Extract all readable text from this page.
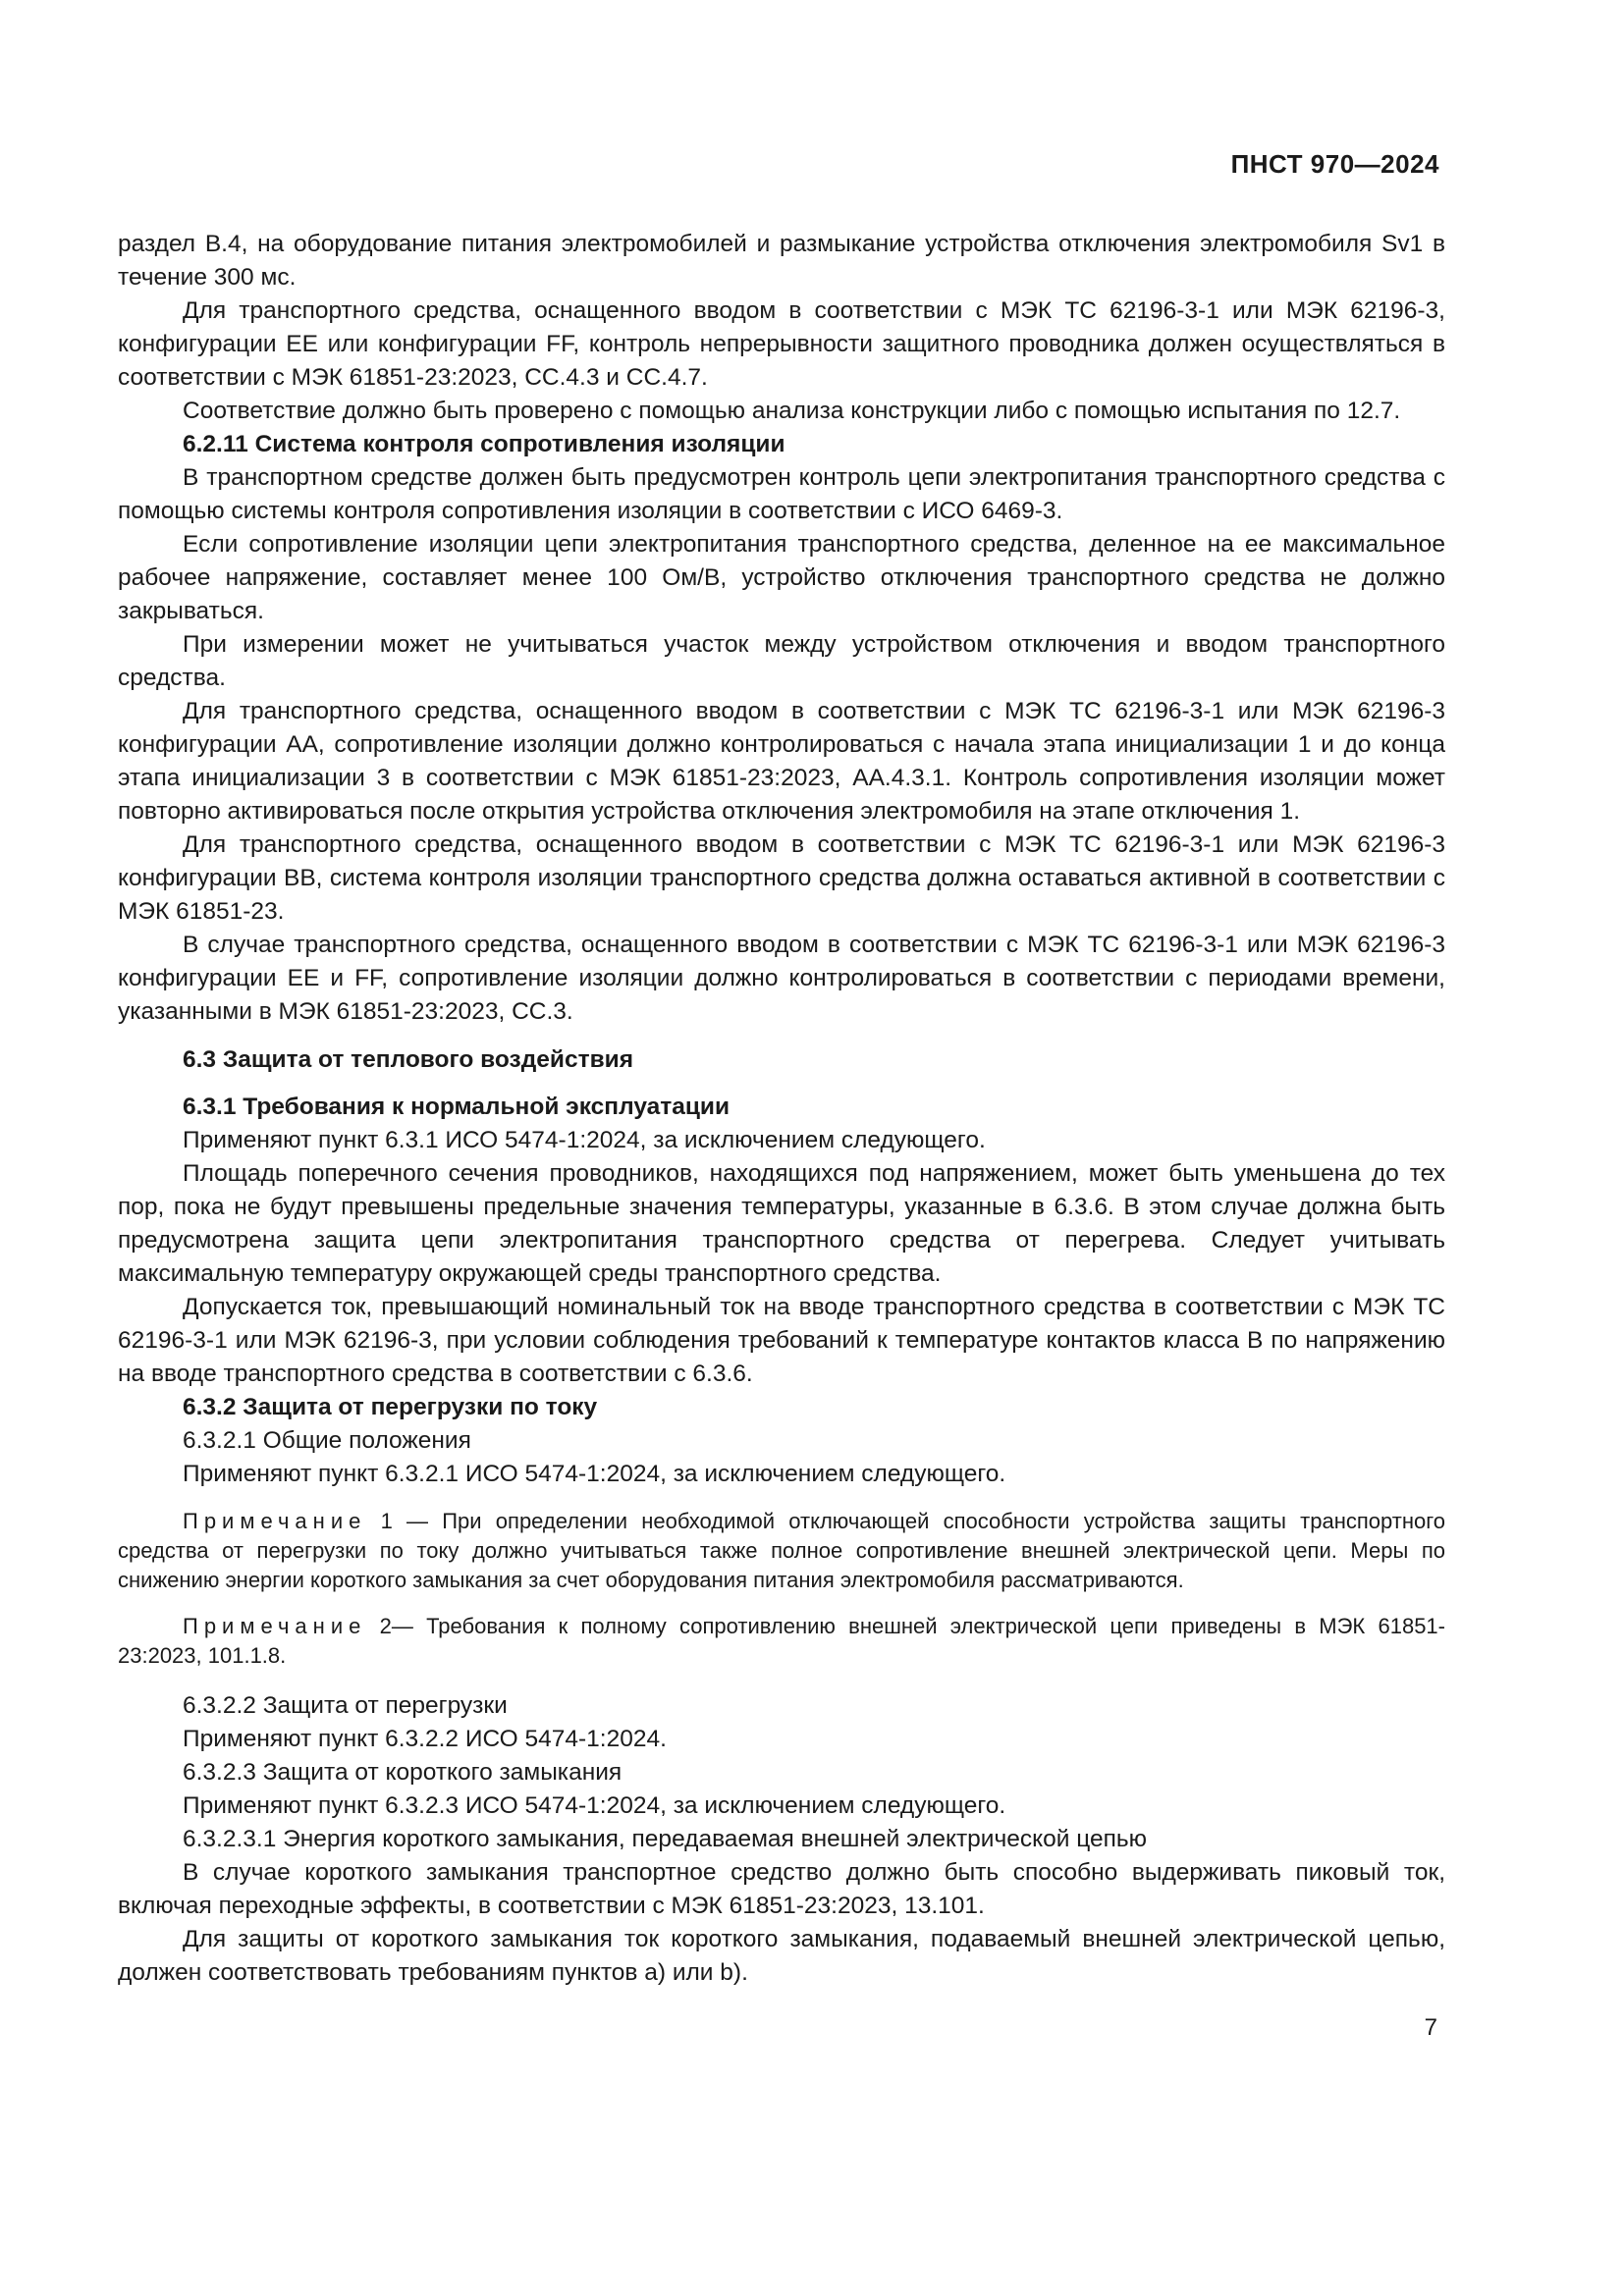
ПНСТ 970—2024

раздел B.4, на оборудование питания электромобилей и размыкание устройства отключения электромобиля Sv1 в течение 300 мс.

Для транспортного средства, оснащенного вводом в соответствии с МЭК ТС 62196-3-1 или МЭК 62196-3, конфигурации ЕЕ или конфигурации FF, контроль непрерывности защитного проводника должен осуществляться в соответствии с МЭК 61851-23:2023, СС.4.3 и СС.4.7.

Соответствие должно быть проверено с помощью анализа конструкции либо с помощью испытания по 12.7.

6.2.11 Система контроля сопротивления изоляции

В транспортном средстве должен быть предусмотрен контроль цепи электропитания транспортного средства с помощью системы контроля сопротивления изоляции в соответствии с ИСО 6469-3.

Если сопротивление изоляции цепи электропитания транспортного средства, деленное на ее максимальное рабочее напряжение, составляет менее 100 Ом/В, устройство отключения транспортного средства не должно закрываться.

При измерении может не учитываться участок между устройством отключения и вводом транспортного средства.

Для транспортного средства, оснащенного вводом в соответствии с МЭК ТС 62196-3-1 или МЭК 62196-3 конфигурации АА, сопротивление изоляции должно контролироваться с начала этапа инициализации 1 и до конца этапа инициализации 3 в соответствии с МЭК 61851-23:2023, АА.4.3.1. Контроль сопротивления изоляции может повторно активироваться после открытия устройства отключения электромобиля на этапе отключения 1.

Для транспортного средства, оснащенного вводом в соответствии с МЭК ТС 62196-3-1 или МЭК 62196-3 конфигурации ВВ, система контроля изоляции транспортного средства должна оставаться активной в соответствии с МЭК 61851-23.

В случае транспортного средства, оснащенного вводом в соответствии с МЭК ТС 62196-3-1 или МЭК 62196-3 конфигурации ЕЕ и FF, сопротивление изоляции должно контролироваться в соответствии с периодами времени, указанными в МЭК 61851-23:2023, СС.3.

6.3 Защита от теплового воздействия

6.3.1 Требования к нормальной эксплуатации

Применяют пункт 6.3.1 ИСО 5474-1:2024, за исключением следующего.

Площадь поперечного сечения проводников, находящихся под напряжением, может быть уменьшена до тех пор, пока не будут превышены предельные значения температуры, указанные в 6.3.6. В этом случае должна быть предусмотрена защита цепи электропитания транспортного средства от перегрева. Следует учитывать максимальную температуру окружающей среды транспортного средства.

Допускается ток, превышающий номинальный ток на вводе транспортного средства в соответствии с МЭК ТС 62196-3-1 или МЭК 62196-3, при условии соблюдения требований к температуре контактов класса В по напряжению на вводе транспортного средства в соответствии с 6.3.6.

6.3.2 Защита от перегрузки по току

6.3.2.1 Общие положения

Применяют пункт 6.3.2.1 ИСО 5474-1:2024, за исключением следующего.

Примечание 1 — При определении необходимой отключающей способности устройства защиты транспортного средства от перегрузки по току должно учитываться также полное сопротивление внешней электрической цепи. Меры по снижению энергии короткого замыкания за счет оборудования питания электромобиля рассматриваются.
Примечание 2— Требования к полному сопротивлению внешней электрической цепи приведены в МЭК 61851-23:2023, 101.1.8.

6.3.2.2 Защита от перегрузки

Применяют пункт 6.3.2.2 ИСО 5474-1:2024.

6.3.2.3 Защита от короткого замыкания

Применяют пункт 6.3.2.3 ИСО 5474-1:2024, за исключением следующего.

6.3.2.3.1 Энергия короткого замыкания, передаваемая внешней электрической цепью

В случае короткого замыкания транспортное средство должно быть способно выдерживать пиковый ток, включая переходные эффекты, в соответствии с МЭК 61851-23:2023, 13.101.

Для защиты от короткого замыкания ток короткого замыкания, подаваемый внешней электрической цепью, должен соответствовать требованиям пунктов a) или b).

7
